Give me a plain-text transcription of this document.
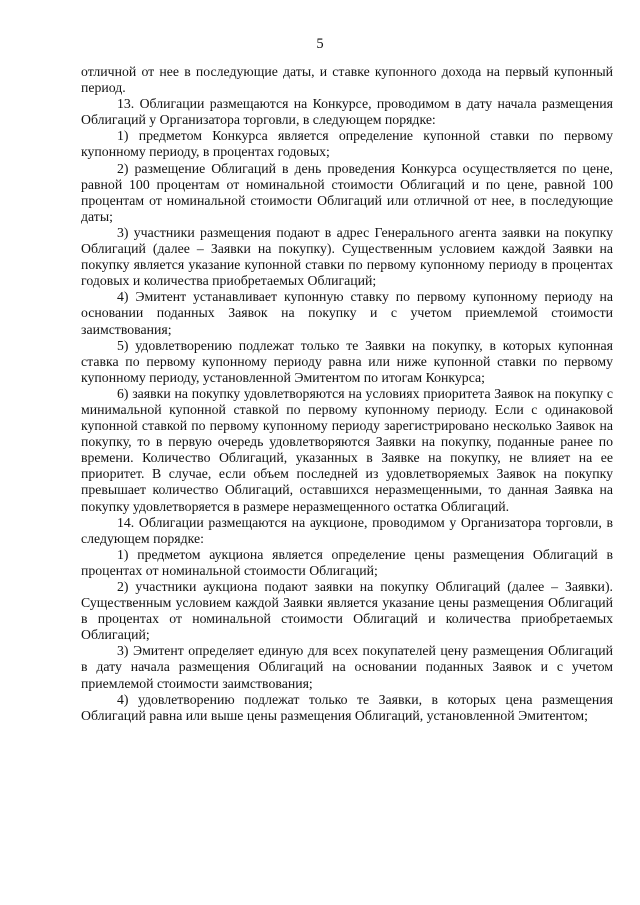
5

отличной от нее в последующие даты, и ставке купонного дохода на первый купонный период.

13. Облигации размещаются на Конкурсе, проводимом в дату начала размещения Облигаций у Организатора торговли, в следующем порядке:

1) предметом Конкурса является определение купонной ставки по первому купонному периоду, в процентах годовых;

2) размещение Облигаций в день проведения Конкурса осуществляется по цене, равной 100 процентам от номинальной стоимости Облигаций и по цене, равной 100 процентам от номинальной стоимости Облигаций или отличной от нее, в последующие даты;

3) участники размещения подают в адрес Генерального агента заявки на покупку Облигаций (далее – Заявки на покупку). Существенным условием каждой Заявки на покупку является указание купонной ставки по первому купонному периоду в процентах годовых и количества приобретаемых Облигаций;

4) Эмитент устанавливает купонную ставку по первому купонному периоду на основании поданных Заявок на покупку и с учетом приемлемой стоимости заимствования;

5) удовлетворению подлежат только те Заявки на покупку, в которых купонная ставка по первому купонному периоду равна или ниже купонной ставки по первому купонному периоду, установленной Эмитентом по итогам Конкурса;

6) заявки на покупку удовлетворяются на условиях приоритета Заявок на покупку с минимальной купонной ставкой по первому купонному периоду. Если с одинаковой купонной ставкой по первому купонному периоду зарегистрировано несколько Заявок на покупку, то в первую очередь удовлетворяются Заявки на покупку, поданные ранее по времени. Количество Облигаций, указанных в Заявке на покупку, не влияет на ее приоритет. В случае, если объем последней из удовлетворяемых Заявок на покупку превышает количество Облигаций, оставшихся неразмещенными, то данная Заявка на покупку удовлетворяется в размере неразмещенного остатка Облигаций.

14. Облигации размещаются на аукционе, проводимом у Организатора торговли, в следующем порядке:

1) предметом аукциона является определение цены размещения Облигаций в процентах от номинальной стоимости Облигаций;

2) участники аукциона подают заявки на покупку Облигаций (далее – Заявки). Существенным условием каждой Заявки является указание цены размещения Облигаций в процентах от номинальной стоимости Облигаций и количества приобретаемых Облигаций;

3) Эмитент определяет единую для всех покупателей цену размещения Облигаций в дату начала размещения Облигаций на основании поданных Заявок и с учетом приемлемой стоимости заимствования;

4) удовлетворению подлежат только те Заявки, в которых цена размещения Облигаций равна или выше цены размещения Облигаций, установленной Эмитентом;
